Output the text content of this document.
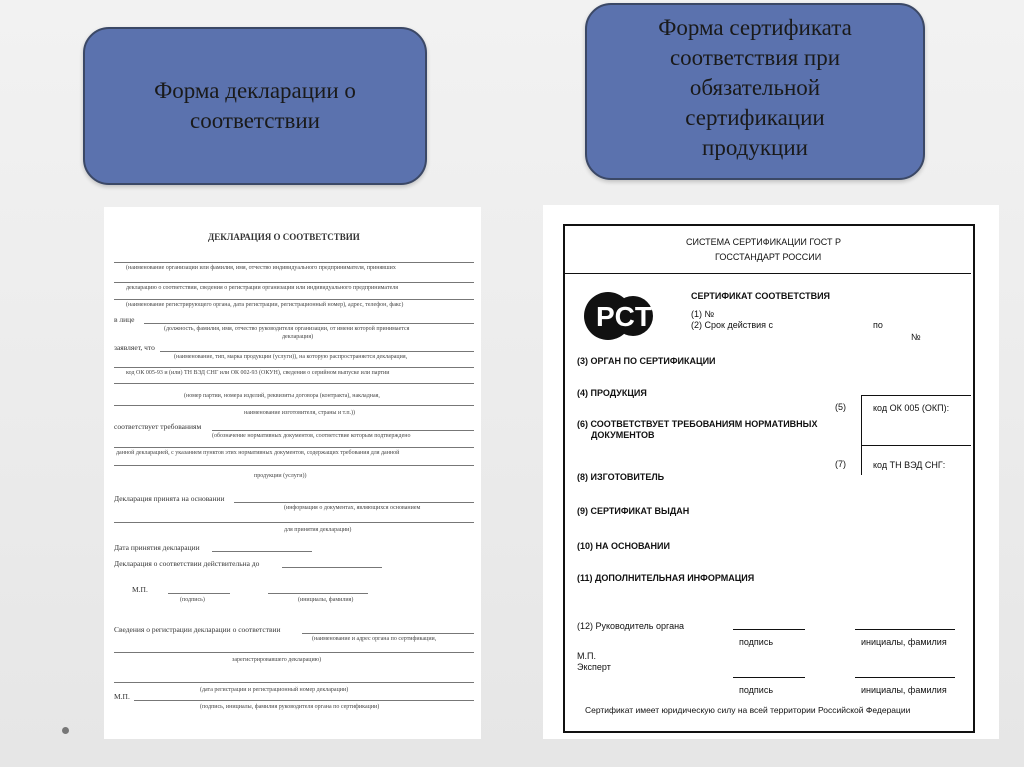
Форма декларации о соответствии
Форма сертификата соответствия при обязательной сертификации продукции
ДЕКЛАРАЦИЯ О СООТВЕТСТВИИ
(наименование организации или фамилия, имя, отчество индивидуального предпринимателя, принявших
декларацию о соответствии, сведения о регистрации организации или индивидуального предпринимателя
(наименование регистрирующего органа, дата регистрации, регистрационный номер), адрес, телефон, факс)
в лице
(должность, фамилия, имя, отчество руководителя организации, от имени которой принимается
декларация)
заявляет, что
(наименование, тип, марка продукции (услуги)), на которую распространяется декларация,
код ОК 005-93 и (или) ТН ВЭД СНГ или ОК 002-93 (ОКУН), сведения о серийном выпуске или партии
(номер партии, номера изделий, реквизиты договора (контракта), накладная,
наименование изготовителя, страны и т.п.))
соответствует требованиям
(обозначение нормативных документов, соответствие которым подтверждено
данной декларацией, с указанием пунктов этих нормативных документов, содержащих требования для данной
продукции (услуги))
Декларация принята на основании
(информация о документах, являющихся основанием
для принятия декларации)
Дата принятия декларации
Декларация о соответствии действительна до
М.П.
(подпись)	(инициалы, фамилия)
Сведения о регистрации декларации о соответствии
(наименование и адрес органа по сертификации,
зарегистрировавшего декларацию)
(дата регистрации и регистрационный номер декларации)
М.П.
(подпись, инициалы, фамилия руководителя органа по сертификации)
СИСТЕМА СЕРТИФИКАЦИИ ГОСТ Р
ГОССТАНДАРТ РОССИИ
PCT
СЕРТИФИКАТ СООТВЕТСТВИЯ
(1) №
(2) Срок действия с	по
№
(3) ОРГАН ПО СЕРТИФИКАЦИИ
(4) ПРОДУКЦИЯ
(5)	код ОК 005 (ОКП):
(6) СООТВЕТСТВУЕТ ТРЕБОВАНИЯМ НОРМАТИВНЫХ
ДОКУМЕНТОВ
(7)	код ТН ВЭД СНГ:
(8) ИЗГОТОВИТЕЛЬ
(9) СЕРТИФИКАТ ВЫДАН
(10) НА ОСНОВАНИИ
(11) ДОПОЛНИТЕЛЬНАЯ ИНФОРМАЦИЯ
(12) Руководитель органа
подпись	инициалы, фамилия
М.П.
Эксперт
подпись	инициалы, фамилия
Сертификат имеет юридическую силу на всей территории Российской Федерации
